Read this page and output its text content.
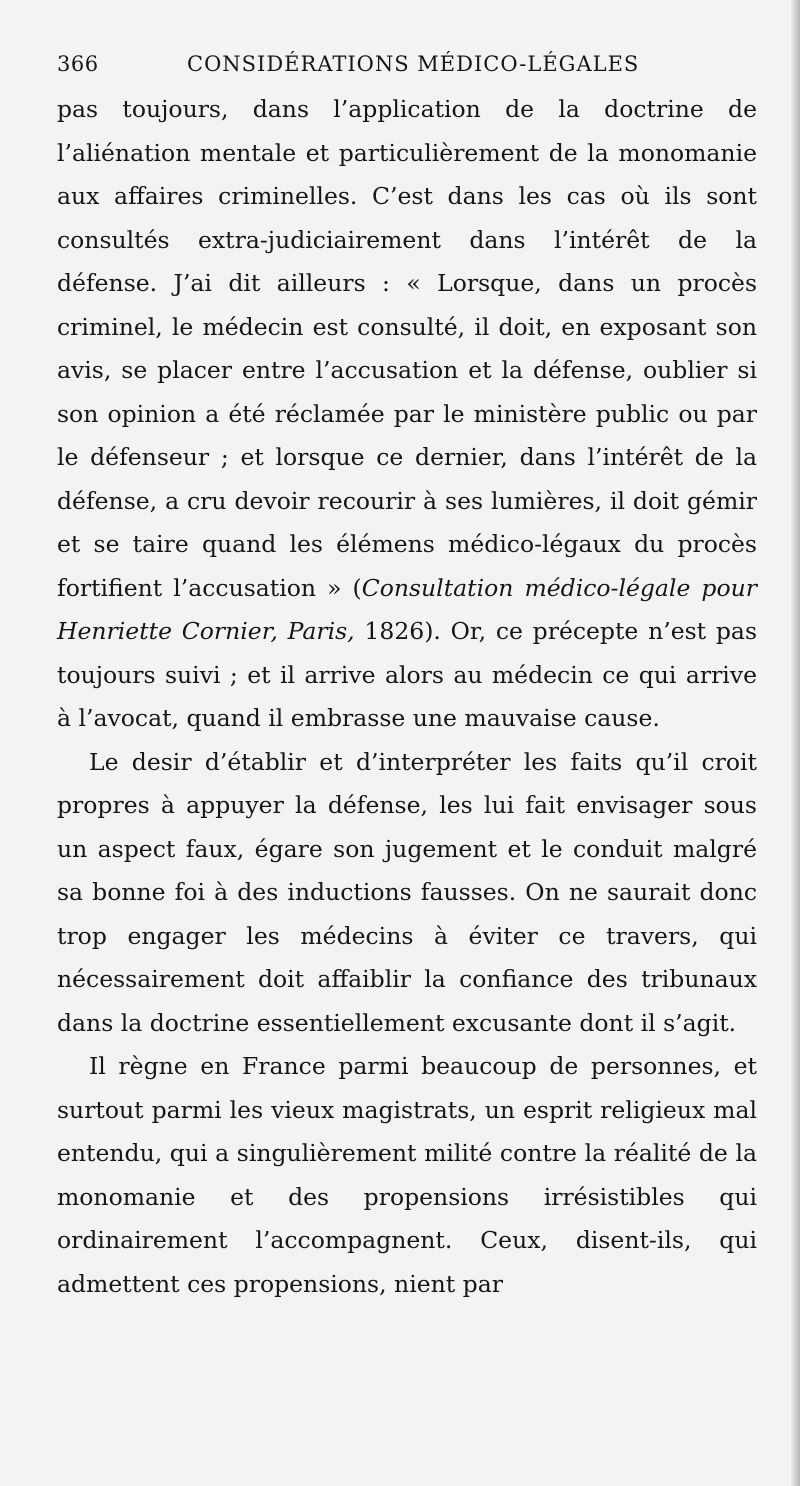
366	CONSIDÉRATIONS MÉDICO-LÉGALES

pas toujours, dans l’application de la doctrine de l’aliénation mentale et particulièrement de la monomanie aux affaires criminelles. C’est dans les cas où ils sont consultés extra-judiciairement dans l’intérêt de la défense. J’ai dit ailleurs : « Lorsque, dans un procès criminel, le médecin est consulté, il doit, en exposant son avis, se placer entre l’accusation et la défense, oublier si son opinion a été réclamée par le ministère public ou par le défenseur ; et lorsque ce dernier, dans l’intérêt de la défense, a cru devoir recourir à ses lumières, il doit gémir et se taire quand les élémens médico-légaux du procès fortifient l’accusation » (Consultation médico-légale pour Henriette Cornier, Paris, 1826). Or, ce précepte n’est pas toujours suivi ; et il arrive alors au médecin ce qui arrive à l’avocat, quand il embrasse une mauvaise cause.

Le desir d’établir et d’interpréter les faits qu’il croit propres à appuyer la défense, les lui fait envisager sous un aspect faux, égare son jugement et le conduit malgré sa bonne foi à des inductions fausses. On ne saurait donc trop engager les médecins à éviter ce travers, qui nécessairement doit affaiblir la confiance des tribunaux dans la doctrine essentiellement excusante dont il s’agit.

Il règne en France parmi beaucoup de personnes, et surtout parmi les vieux magistrats, un esprit religieux mal entendu, qui a singulièrement milité contre la réalité de la monomanie et des propensions irrésistibles qui ordinairement l’accompagnent. Ceux, disent-ils, qui admettent ces propensions, nient par
